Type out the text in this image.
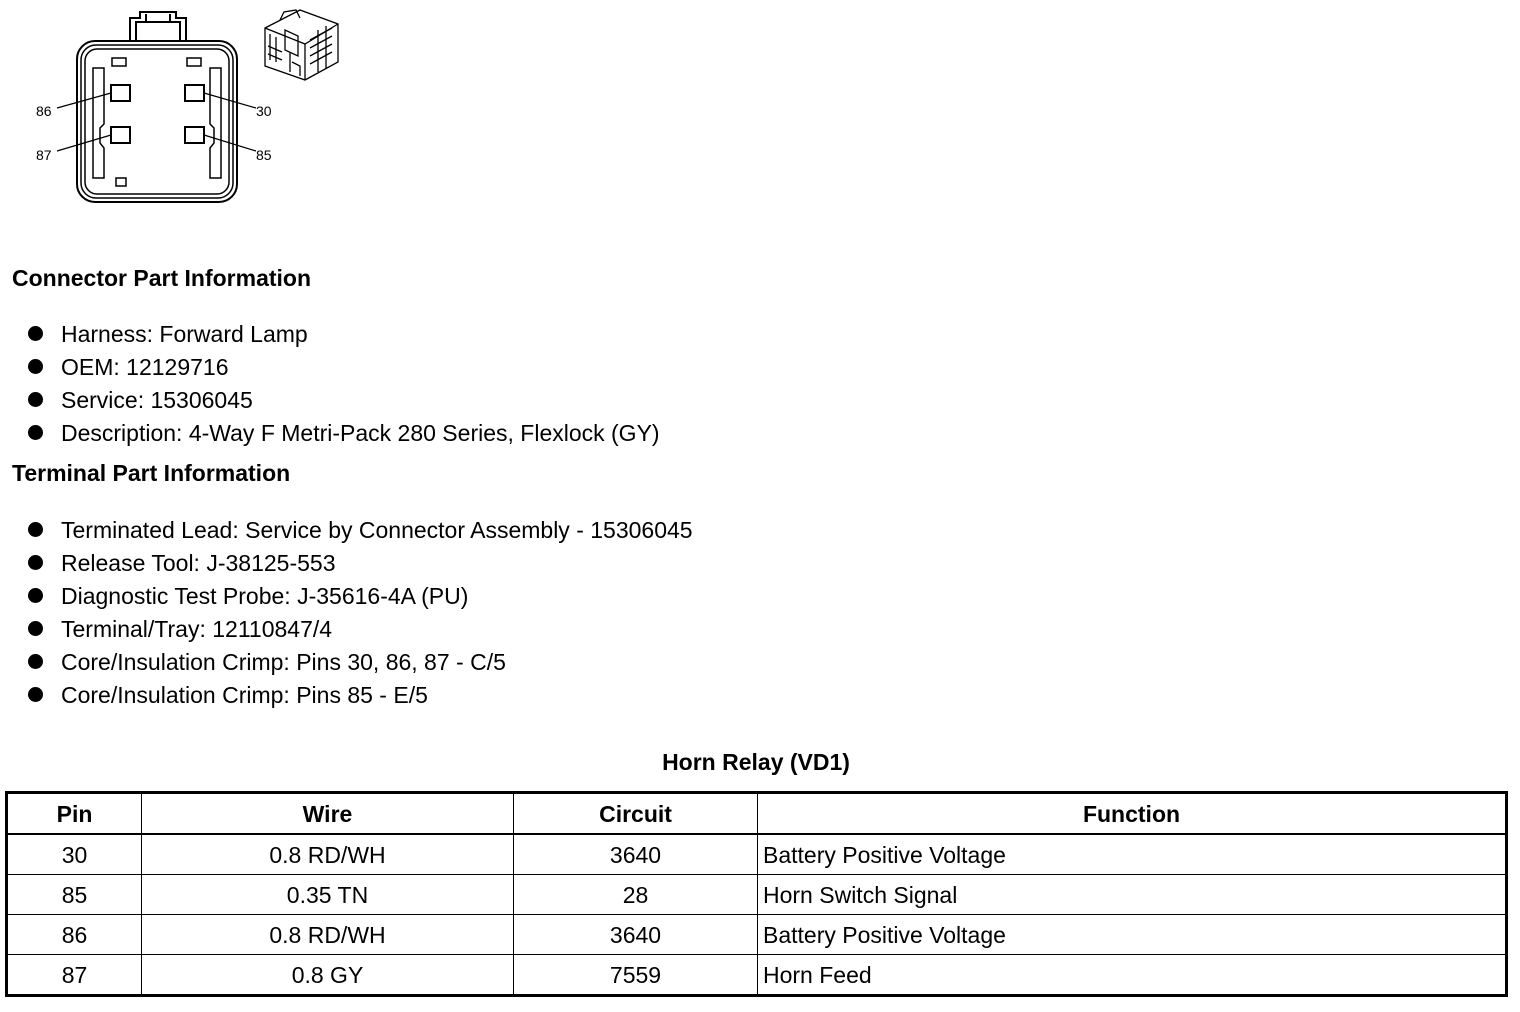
86	30
87	85
Connector Part Information
Harness: Forward Lamp
OEM: 12129716
Service: 15306045
Description: 4-Way F Metri-Pack 280 Series, Flexlock (GY)
Terminal Part Information
Terminated Lead: Service by Connector Assembly - 15306045
Release Tool: J-38125-553
Diagnostic Test Probe: J-35616-4A (PU)
Terminal/Tray: 12110847/4
Core/Insulation Crimp: Pins 30, 86, 87 - C/5
Core/Insulation Crimp: Pins 85 - E/5
Horn Relay (VD1)
Pin	Wire	Circuit	Function
30	0.8 RD/WH	3640	Battery Positive Voltage
85	0.35 TN	28	Horn Switch Signal
86	0.8 RD/WH	3640	Battery Positive Voltage
87	0.8 GY	7559	Horn Feed
